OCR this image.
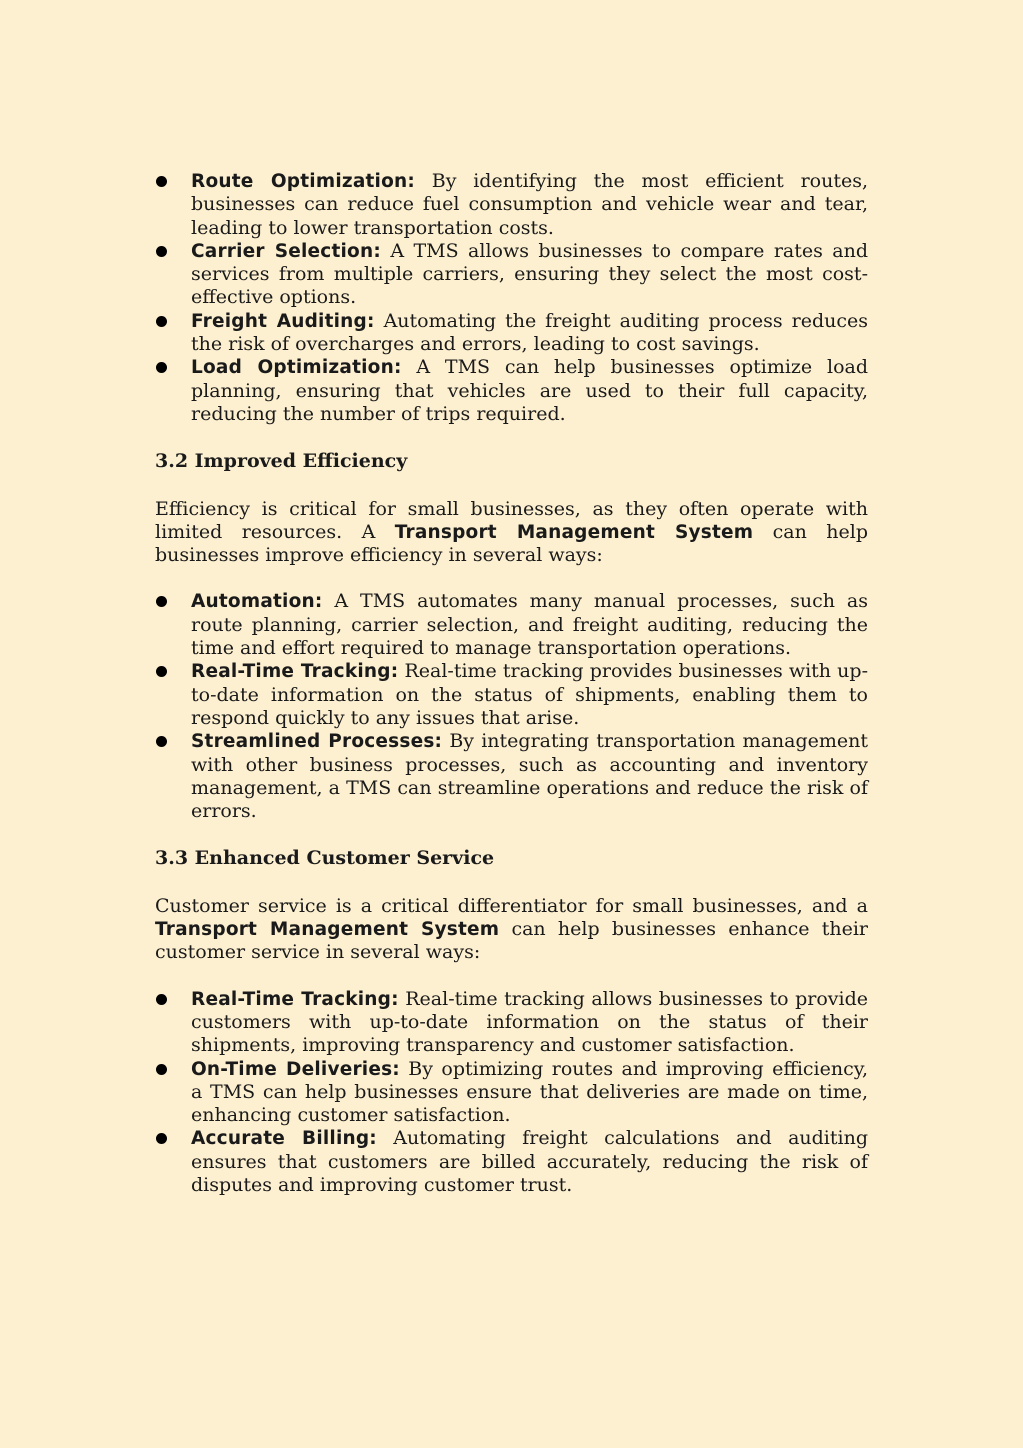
Route Optimization: By identifying the most efficient routes, businesses can reduce fuel consumption and vehicle wear and tear, leading to lower transportation costs.
Carrier Selection: A TMS allows businesses to compare rates and services from multiple carriers, ensuring they select the most cost-effective options.
Freight Auditing: Automating the freight auditing process reduces the risk of overcharges and errors, leading to cost savings.
Load Optimization: A TMS can help businesses optimize load planning, ensuring that vehicles are used to their full capacity, reducing the number of trips required.
3.2 Improved Efficiency

Efficiency is critical for small businesses, as they often operate with limited resources. A Transport Management System can help businesses improve efficiency in several ways:

Automation: A TMS automates many manual processes, such as route planning, carrier selection, and freight auditing, reducing the time and effort required to manage transportation operations.
Real-Time Tracking: Real-time tracking provides businesses with up-to-date information on the status of shipments, enabling them to respond quickly to any issues that arise.
Streamlined Processes: By integrating transportation management with other business processes, such as accounting and inventory management, a TMS can streamline operations and reduce the risk of errors.
3.3 Enhanced Customer Service

Customer service is a critical differentiator for small businesses, and a Transport Management System can help businesses enhance their customer service in several ways:

Real-Time Tracking: Real-time tracking allows businesses to provide customers with up-to-date information on the status of their shipments, improving transparency and customer satisfaction.
On-Time Deliveries: By optimizing routes and improving efficiency, a TMS can help businesses ensure that deliveries are made on time, enhancing customer satisfaction.
Accurate Billing: Automating freight calculations and auditing ensures that customers are billed accurately, reducing the risk of disputes and improving customer trust.
